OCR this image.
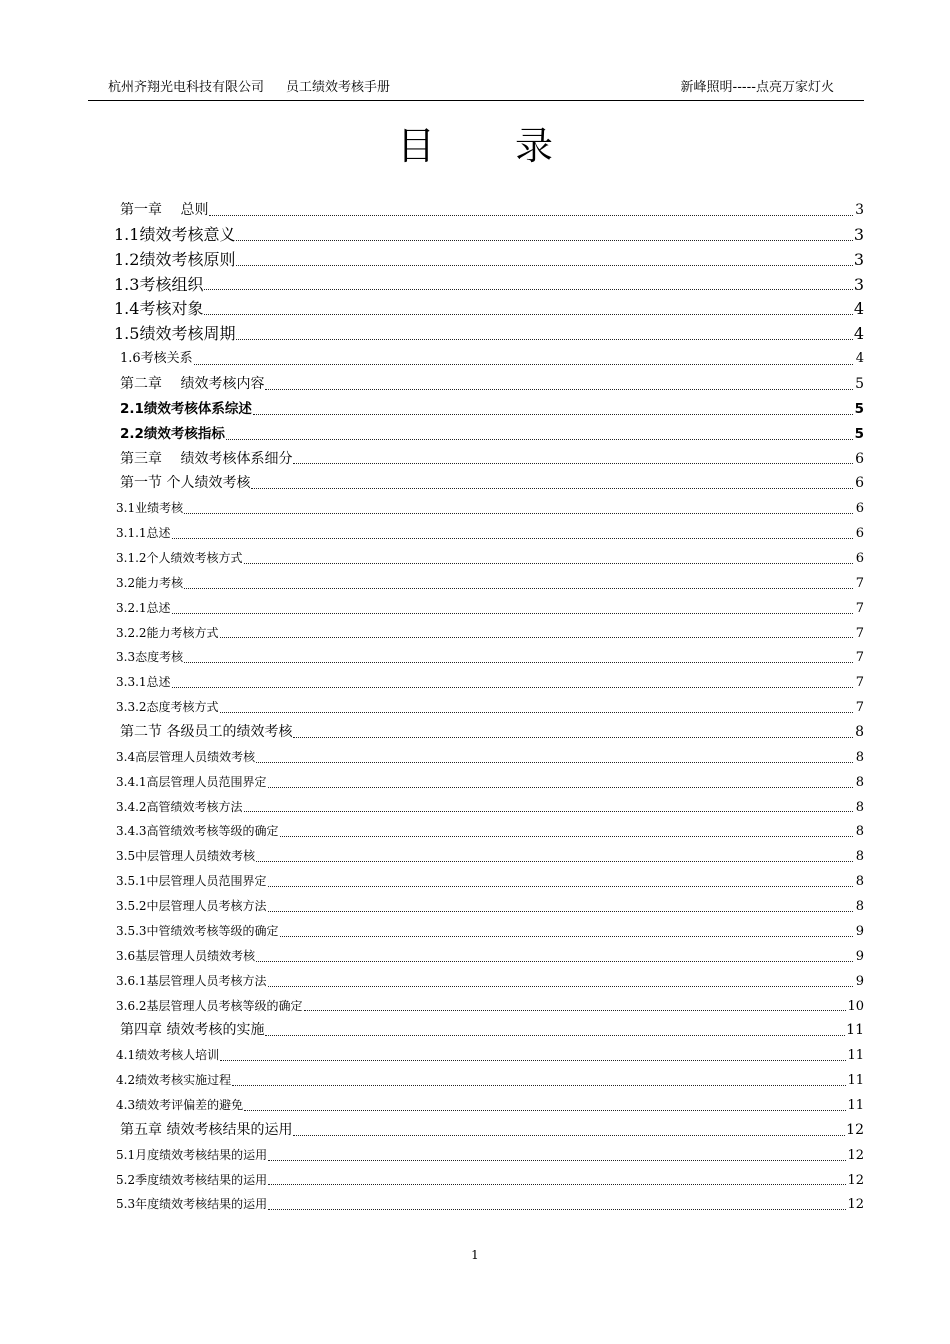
杭州齐翔光电科技有限公司 员工绩效考核手册	新峰照明-----点亮万家灯火
目录
第一章　 总则	3
1.1绩效考核意义	3
1.2绩效考核原则	3
1.3考核组织	3
1.4考核对象	4
1.5绩效考核周期	4
1.6考核关系	4
第二章　 绩效考核内容	5
2.1绩效考核体系综述	5
2.2绩效考核指标	5
第三章　 绩效考核体系细分	6
第一节 个人绩效考核	6
3.1业绩考核	6
3.1.1总述	6
3.1.2个人绩效考核方式	6
3.2能力考核	7
3.2.1总述	7
3.2.2能力考核方式	7
3.3态度考核	7
3.3.1总述	7
3.3.2态度考核方式	7
第二节 各级员工的绩效考核	8
3.4高层管理人员绩效考核	8
3.4.1高层管理人员范围界定	8
3.4.2高管绩效考核方法	8
3.4.3高管绩效考核等级的确定	8
3.5中层管理人员绩效考核	8
3.5.1中层管理人员范围界定	8
3.5.2中层管理人员考核方法	8
3.5.3中管绩效考核等级的确定	9
3.6基层管理人员绩效考核	9
3.6.1基层管理人员考核方法	9
3.6.2基层管理人员考核等级的确定	10
第四章 绩效考核的实施	11
4.1绩效考核人培训	11
4.2绩效考核实施过程	11
4.3绩效考评偏差的避免	11
第五章 绩效考核结果的运用	12
5.1月度绩效考核结果的运用	12
5.2季度绩效考核结果的运用	12
5.3年度绩效考核结果的运用	12
1
